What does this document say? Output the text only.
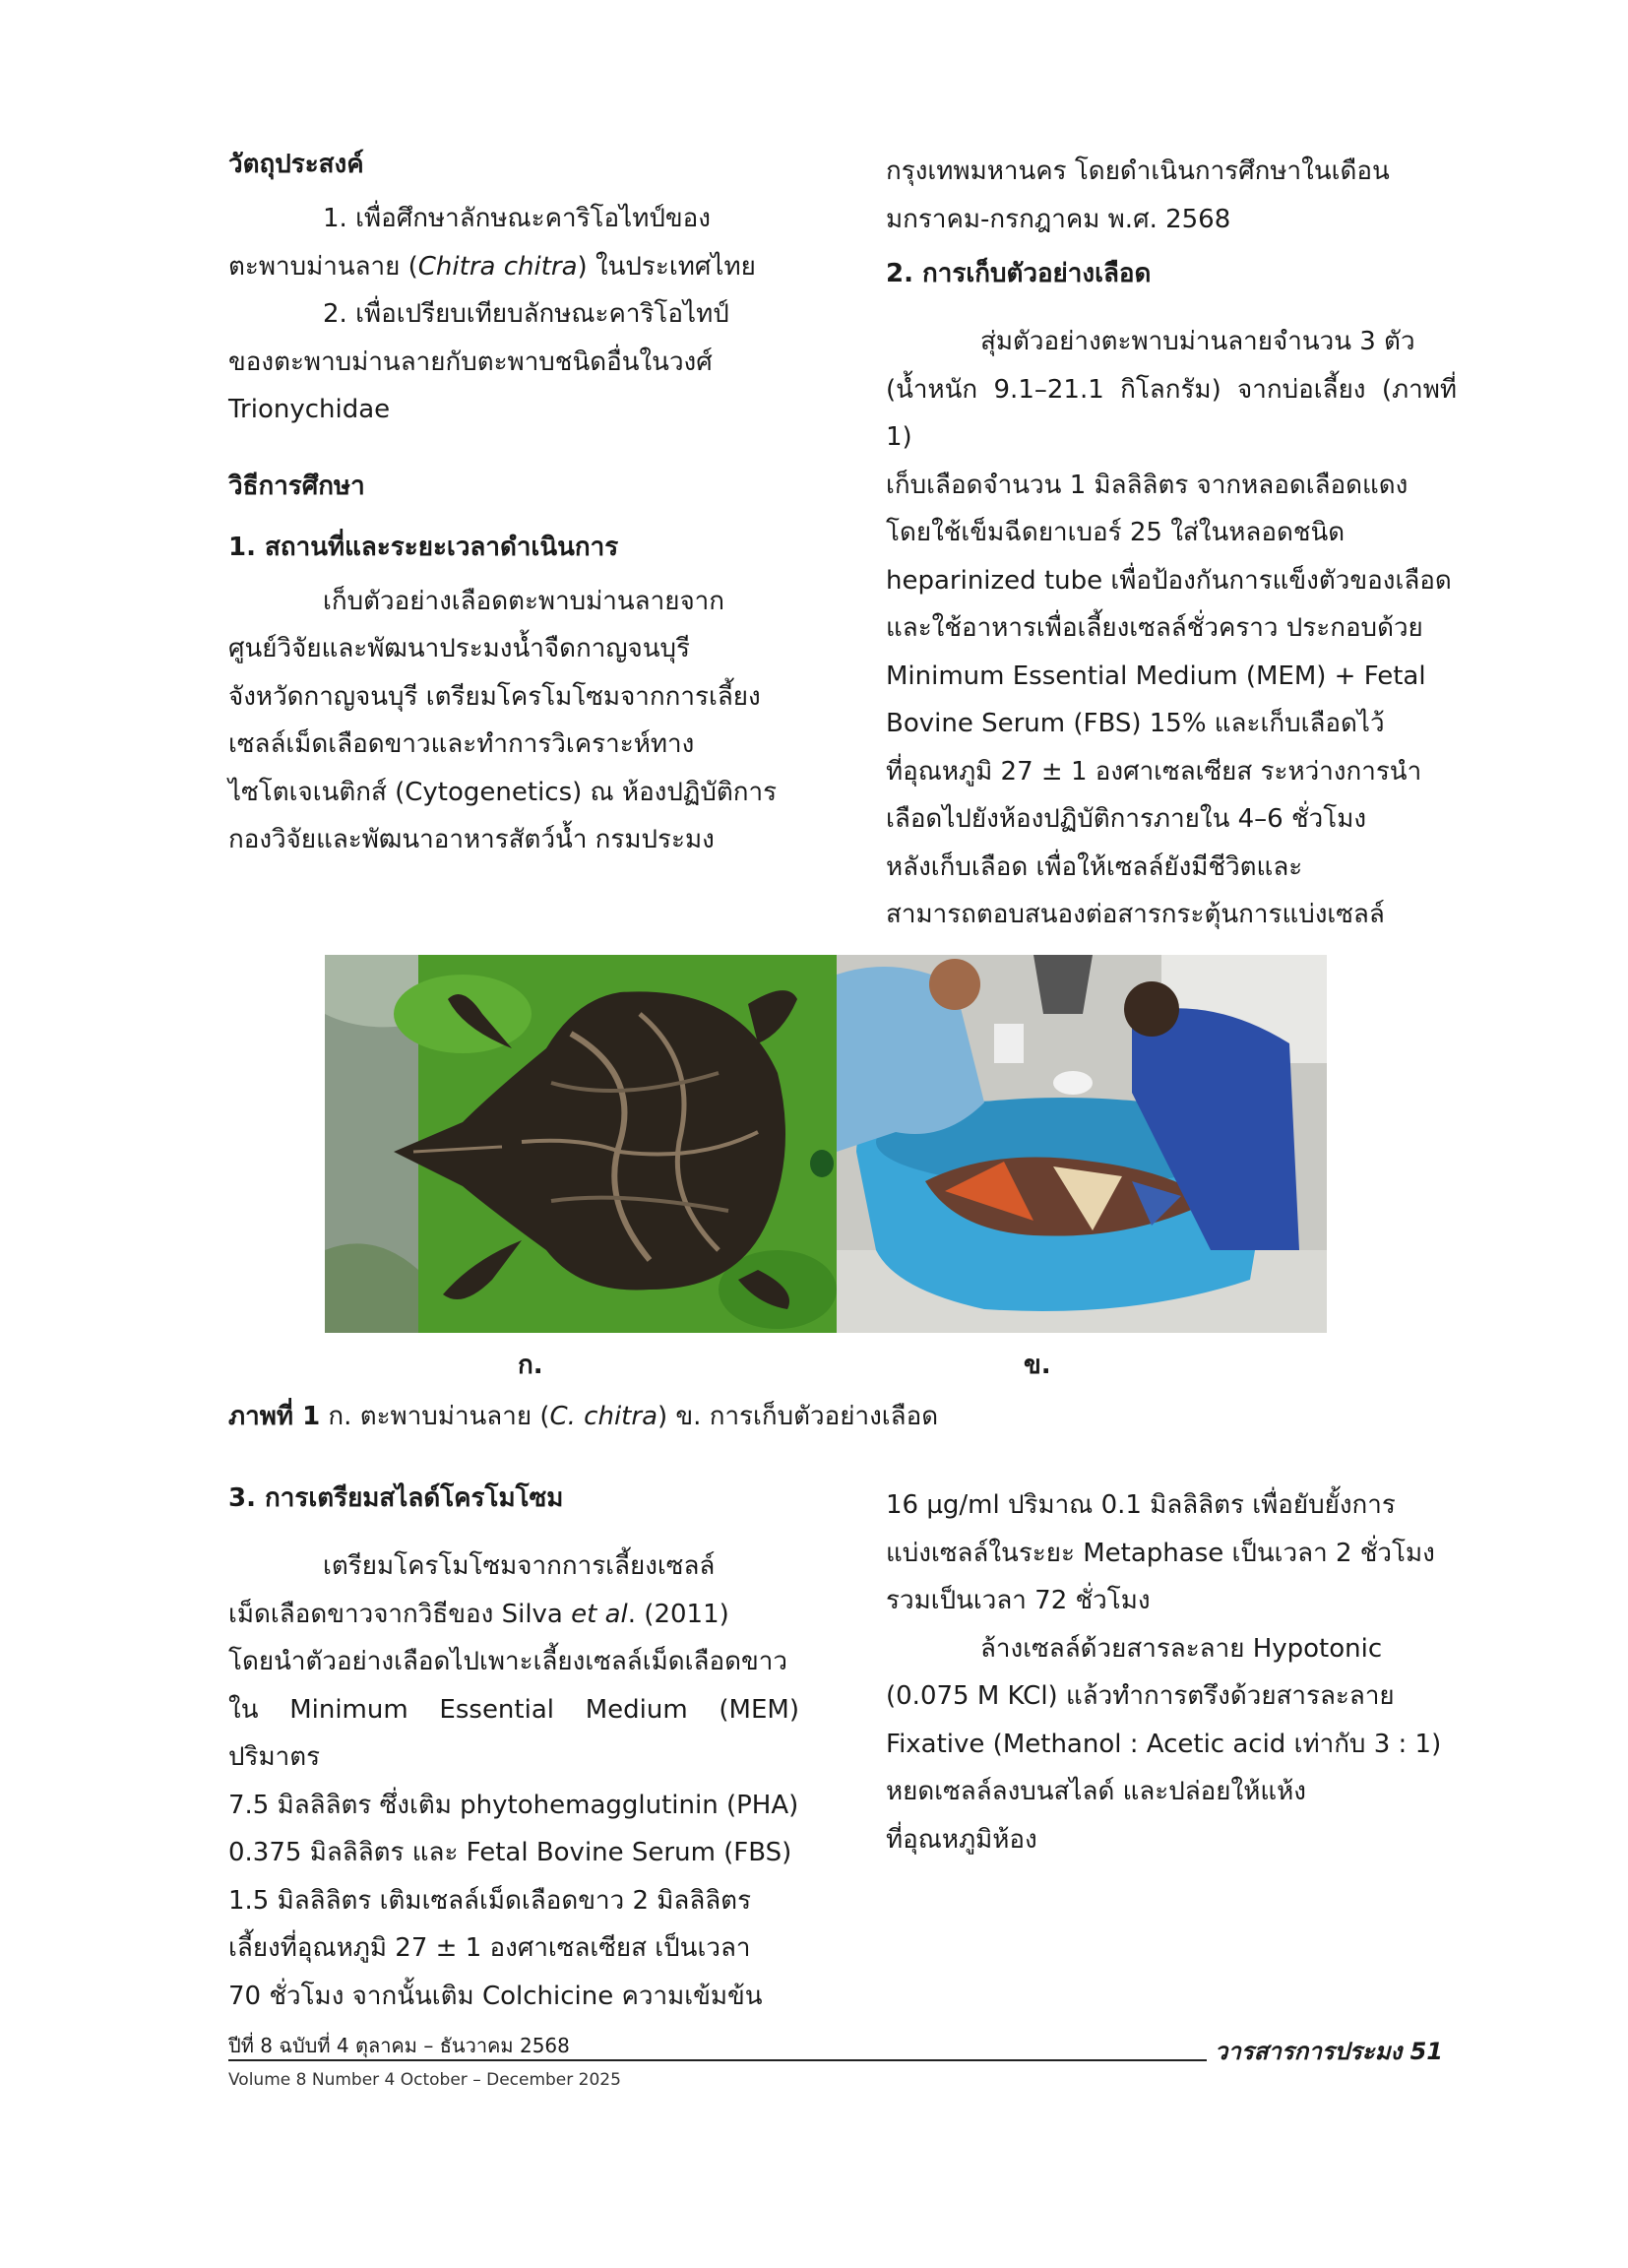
วัตถุประสงค์

1. เพื่อศึกษาลักษณะคาริโอไทป์ของ

ตะพาบม่านลาย (Chitra chitra) ในประเทศไทย

2. เพื่อเปรียบเทียบลักษณะคาริโอไทป์

ของตะพาบม่านลายกับตะพาบชนิดอื่นในวงศ์

Trionychidae

วิธีการศึกษา
1. สถานที่และระยะเวลาดำเนินการ

เก็บตัวอย่างเลือดตะพาบม่านลายจาก

ศูนย์วิจัยและพัฒนาประมงน้ำจืดกาญจนบุรี

จังหวัดกาญจนบุรี เตรียมโครโมโซมจากการเลี้ยง

เซลล์เม็ดเลือดขาวและทำการวิเคราะห์ทาง

ไซโตเจเนติกส์ (Cytogenetics) ณ ห้องปฏิบัติการ

กองวิจัยและพัฒนาอาหารสัตว์น้ำ กรมประมง

กรุงเทพมหานคร โดยดำเนินการศึกษาในเดือน

มกราคม-กรกฎาคม พ.ศ. 2568

2. การเก็บตัวอย่างเลือด

สุ่มตัวอย่างตะพาบม่านลายจำนวน 3 ตัว

(น้ำหนัก 9.1–21.1 กิโลกรัม) จากบ่อเลี้ยง (ภาพที่ 1)

เก็บเลือดจำนวน 1 มิลลิลิตร จากหลอดเลือดแดง

โดยใช้เข็มฉีดยาเบอร์ 25 ใส่ในหลอดชนิด

heparinized tube เพื่อป้องกันการแข็งตัวของเลือด

และใช้อาหารเพื่อเลี้ยงเซลล์ชั่วคราว ประกอบด้วย

Minimum Essential Medium (MEM) + Fetal

Bovine Serum (FBS) 15% และเก็บเลือดไว้

ที่อุณหภูมิ 27 ± 1 องศาเซลเซียส ระหว่างการนำ

เลือดไปยังห้องปฏิบัติการภายใน 4–6 ชั่วโมง

หลังเก็บเลือด เพื่อให้เซลล์ยังมีชีวิตและ

สามารถตอบสนองต่อสารกระตุ้นการแบ่งเซลล์

ก.	ข.
ภาพที่ 1 ก. ตะพาบม่านลาย (C. chitra) ข. การเก็บตัวอย่างเลือด
3. การเตรียมสไลด์โครโมโซม

เตรียมโครโมโซมจากการเลี้ยงเซลล์

เม็ดเลือดขาวจากวิธีของ Silva et al. (2011)

โดยนำตัวอย่างเลือดไปเพาะเลี้ยงเซลล์เม็ดเลือดขาว

ใน Minimum Essential Medium (MEM) ปริมาตร

7.5 มิลลิลิตร ซึ่งเติม phytohemagglutinin (PHA)

0.375 มิลลิลิตร และ Fetal Bovine Serum (FBS)

1.5 มิลลิลิตร เติมเซลล์เม็ดเลือดขาว 2 มิลลิลิตร

เลี้ยงที่อุณหภูมิ 27 ± 1 องศาเซลเซียส เป็นเวลา

70 ชั่วโมง จากนั้นเติม Colchicine ความเข้มข้น

16 µg/ml ปริมาณ 0.1 มิลลิลิตร เพื่อยับยั้งการ

แบ่งเซลล์ในระยะ Metaphase เป็นเวลา 2 ชั่วโมง

รวมเป็นเวลา 72 ชั่วโมง

ล้างเซลล์ด้วยสารละลาย Hypotonic

(0.075 M KCl) แล้วทำการตรึงด้วยสารละลาย

Fixative (Methanol : Acetic acid เท่ากับ 3 : 1)

หยดเซลล์ลงบนสไลด์ และปล่อยให้แห้ง

ที่อุณหภูมิห้อง

ปีที่ 8 ฉบับที่ 4 ตุลาคม – ธันวาคม 2568
Volume 8 Number 4 October – December 2025
วารสารการประมง 51
